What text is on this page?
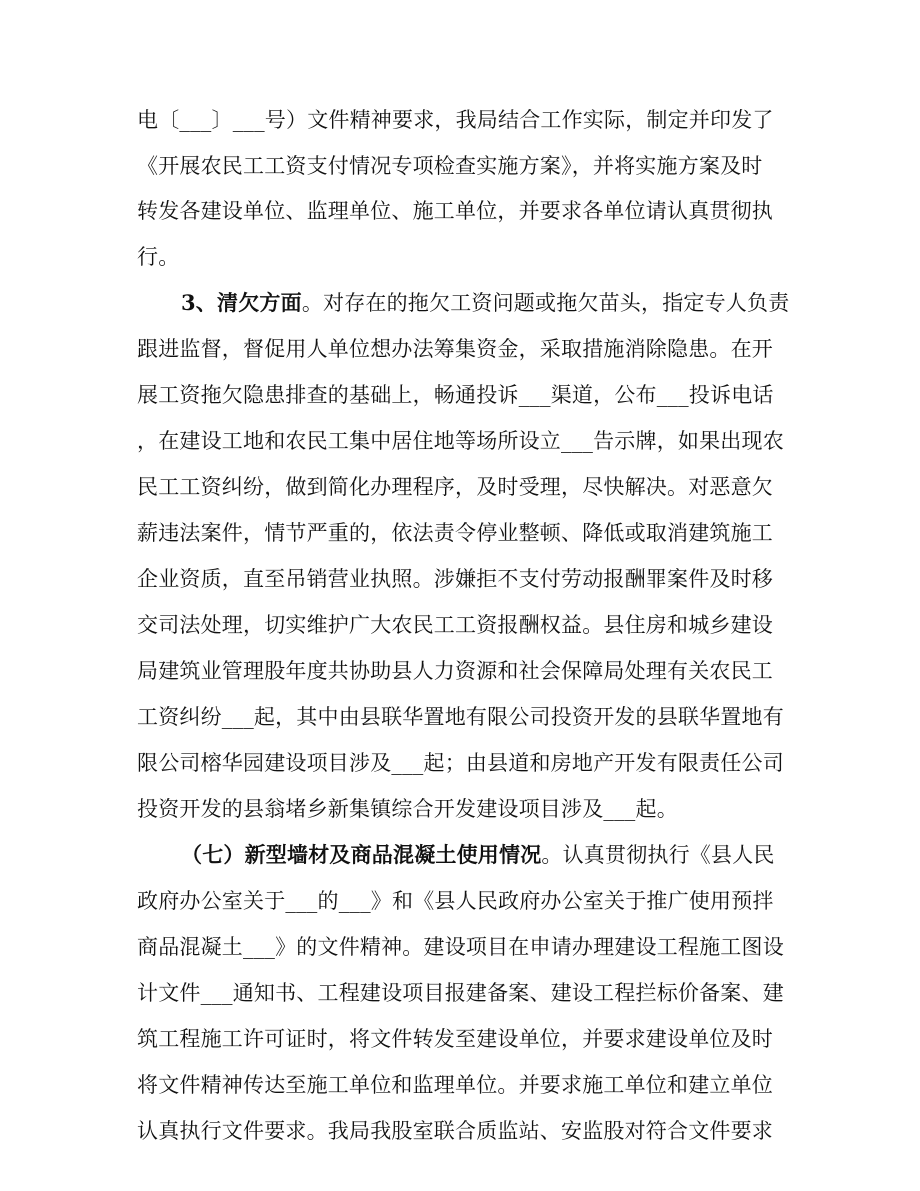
电〔___〕___号）文件精神要求，我局结合工作实际，制定并印发了
《开展农民工工资支付情况专项检查实施方案》，并将实施方案及时
转发各建设单位、监理单位、施工单位，并要求各单位请认真贯彻执
行。
3、清欠方面。对存在的拖欠工资问题或拖欠苗头，指定专人负责
跟进监督，督促用人单位想办法筹集资金，采取措施消除隐患。在开
展工资拖欠隐患排查的基础上，畅通投诉___渠道，公布___投诉电话
，在建设工地和农民工集中居住地等场所设立___告示牌，如果出现农
民工工资纠纷，做到简化办理程序，及时受理，尽快解决。对恶意欠
薪违法案件，情节严重的，依法责令停业整顿、降低或取消建筑施工
企业资质，直至吊销营业执照。涉嫌拒不支付劳动报酬罪案件及时移
交司法处理，切实维护广大农民工工资报酬权益。县住房和城乡建设
局建筑业管理股年度共协助县人力资源和社会保障局处理有关农民工
工资纠纷___起，其中由县联华置地有限公司投资开发的县联华置地有
限公司榕华园建设项目涉及___起；由县道和房地产开发有限责任公司
投资开发的县翁堵乡新集镇综合开发建设项目涉及___起。
（七）新型墙材及商品混凝土使用情况。认真贯彻执行《县人民
政府办公室关于___的___》和《县人民政府办公室关于推广使用预拌
商品混凝土___》的文件精神。建设项目在申请办理建设工程施工图设
计文件___通知书、工程建设项目报建备案、建设工程拦标价备案、建
筑工程施工许可证时，将文件转发至建设单位，并要求建设单位及时
将文件精神传达至施工单位和监理单位。并要求施工单位和建立单位
认真执行文件要求。我局我股室联合质监站、安监股对符合文件要求
